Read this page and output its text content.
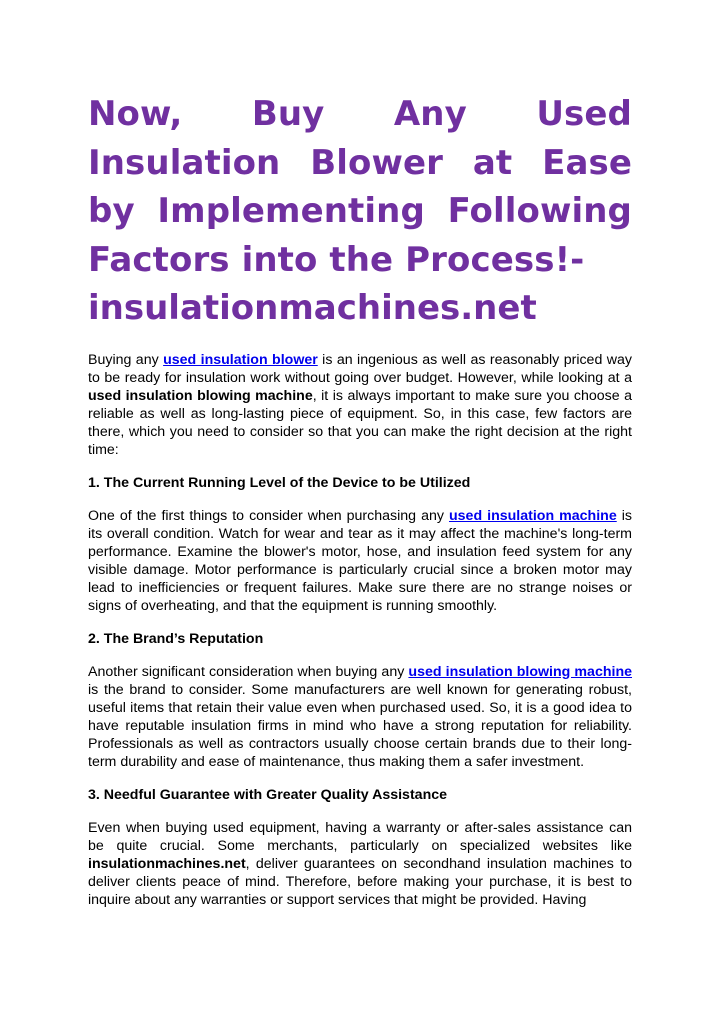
Now, Buy Any Used Insulation Blower at Ease by Implementing Following Factors into the Process!-
insulationmachines.net

Buying any used insulation blower is an ingenious as well as reasonably priced way to be ready for insulation work without going over budget. However, while looking at a used insulation blowing machine, it is always important to make sure you choose a reliable as well as long-lasting piece of equipment. So, in this case, few factors are there, which you need to consider so that you can make the right decision at the right time:

1. The Current Running Level of the Device to be Utilized

One of the first things to consider when purchasing any used insulation machine is its overall condition. Watch for wear and tear as it may affect the machine's long-term performance. Examine the blower's motor, hose, and insulation feed system for any visible damage. Motor performance is particularly crucial since a broken motor may lead to inefficiencies or frequent failures. Make sure there are no strange noises or signs of overheating, and that the equipment is running smoothly.

2. The Brand’s Reputation

Another significant consideration when buying any used insulation blowing machine is the brand to consider. Some manufacturers are well known for generating robust, useful items that retain their value even when purchased used. So, it is a good idea to have reputable insulation firms in mind who have a strong reputation for reliability. Professionals as well as contractors usually choose certain brands due to their long-term durability and ease of maintenance, thus making them a safer investment.

3. Needful Guarantee with Greater Quality Assistance

Even when buying used equipment, having a warranty or after-sales assistance can be quite crucial. Some merchants, particularly on specialized websites like insulationmachines.net, deliver guarantees on secondhand insulation machines to deliver clients peace of mind. Therefore, before making your purchase, it is best to inquire about any warranties or support services that might be provided. Having
